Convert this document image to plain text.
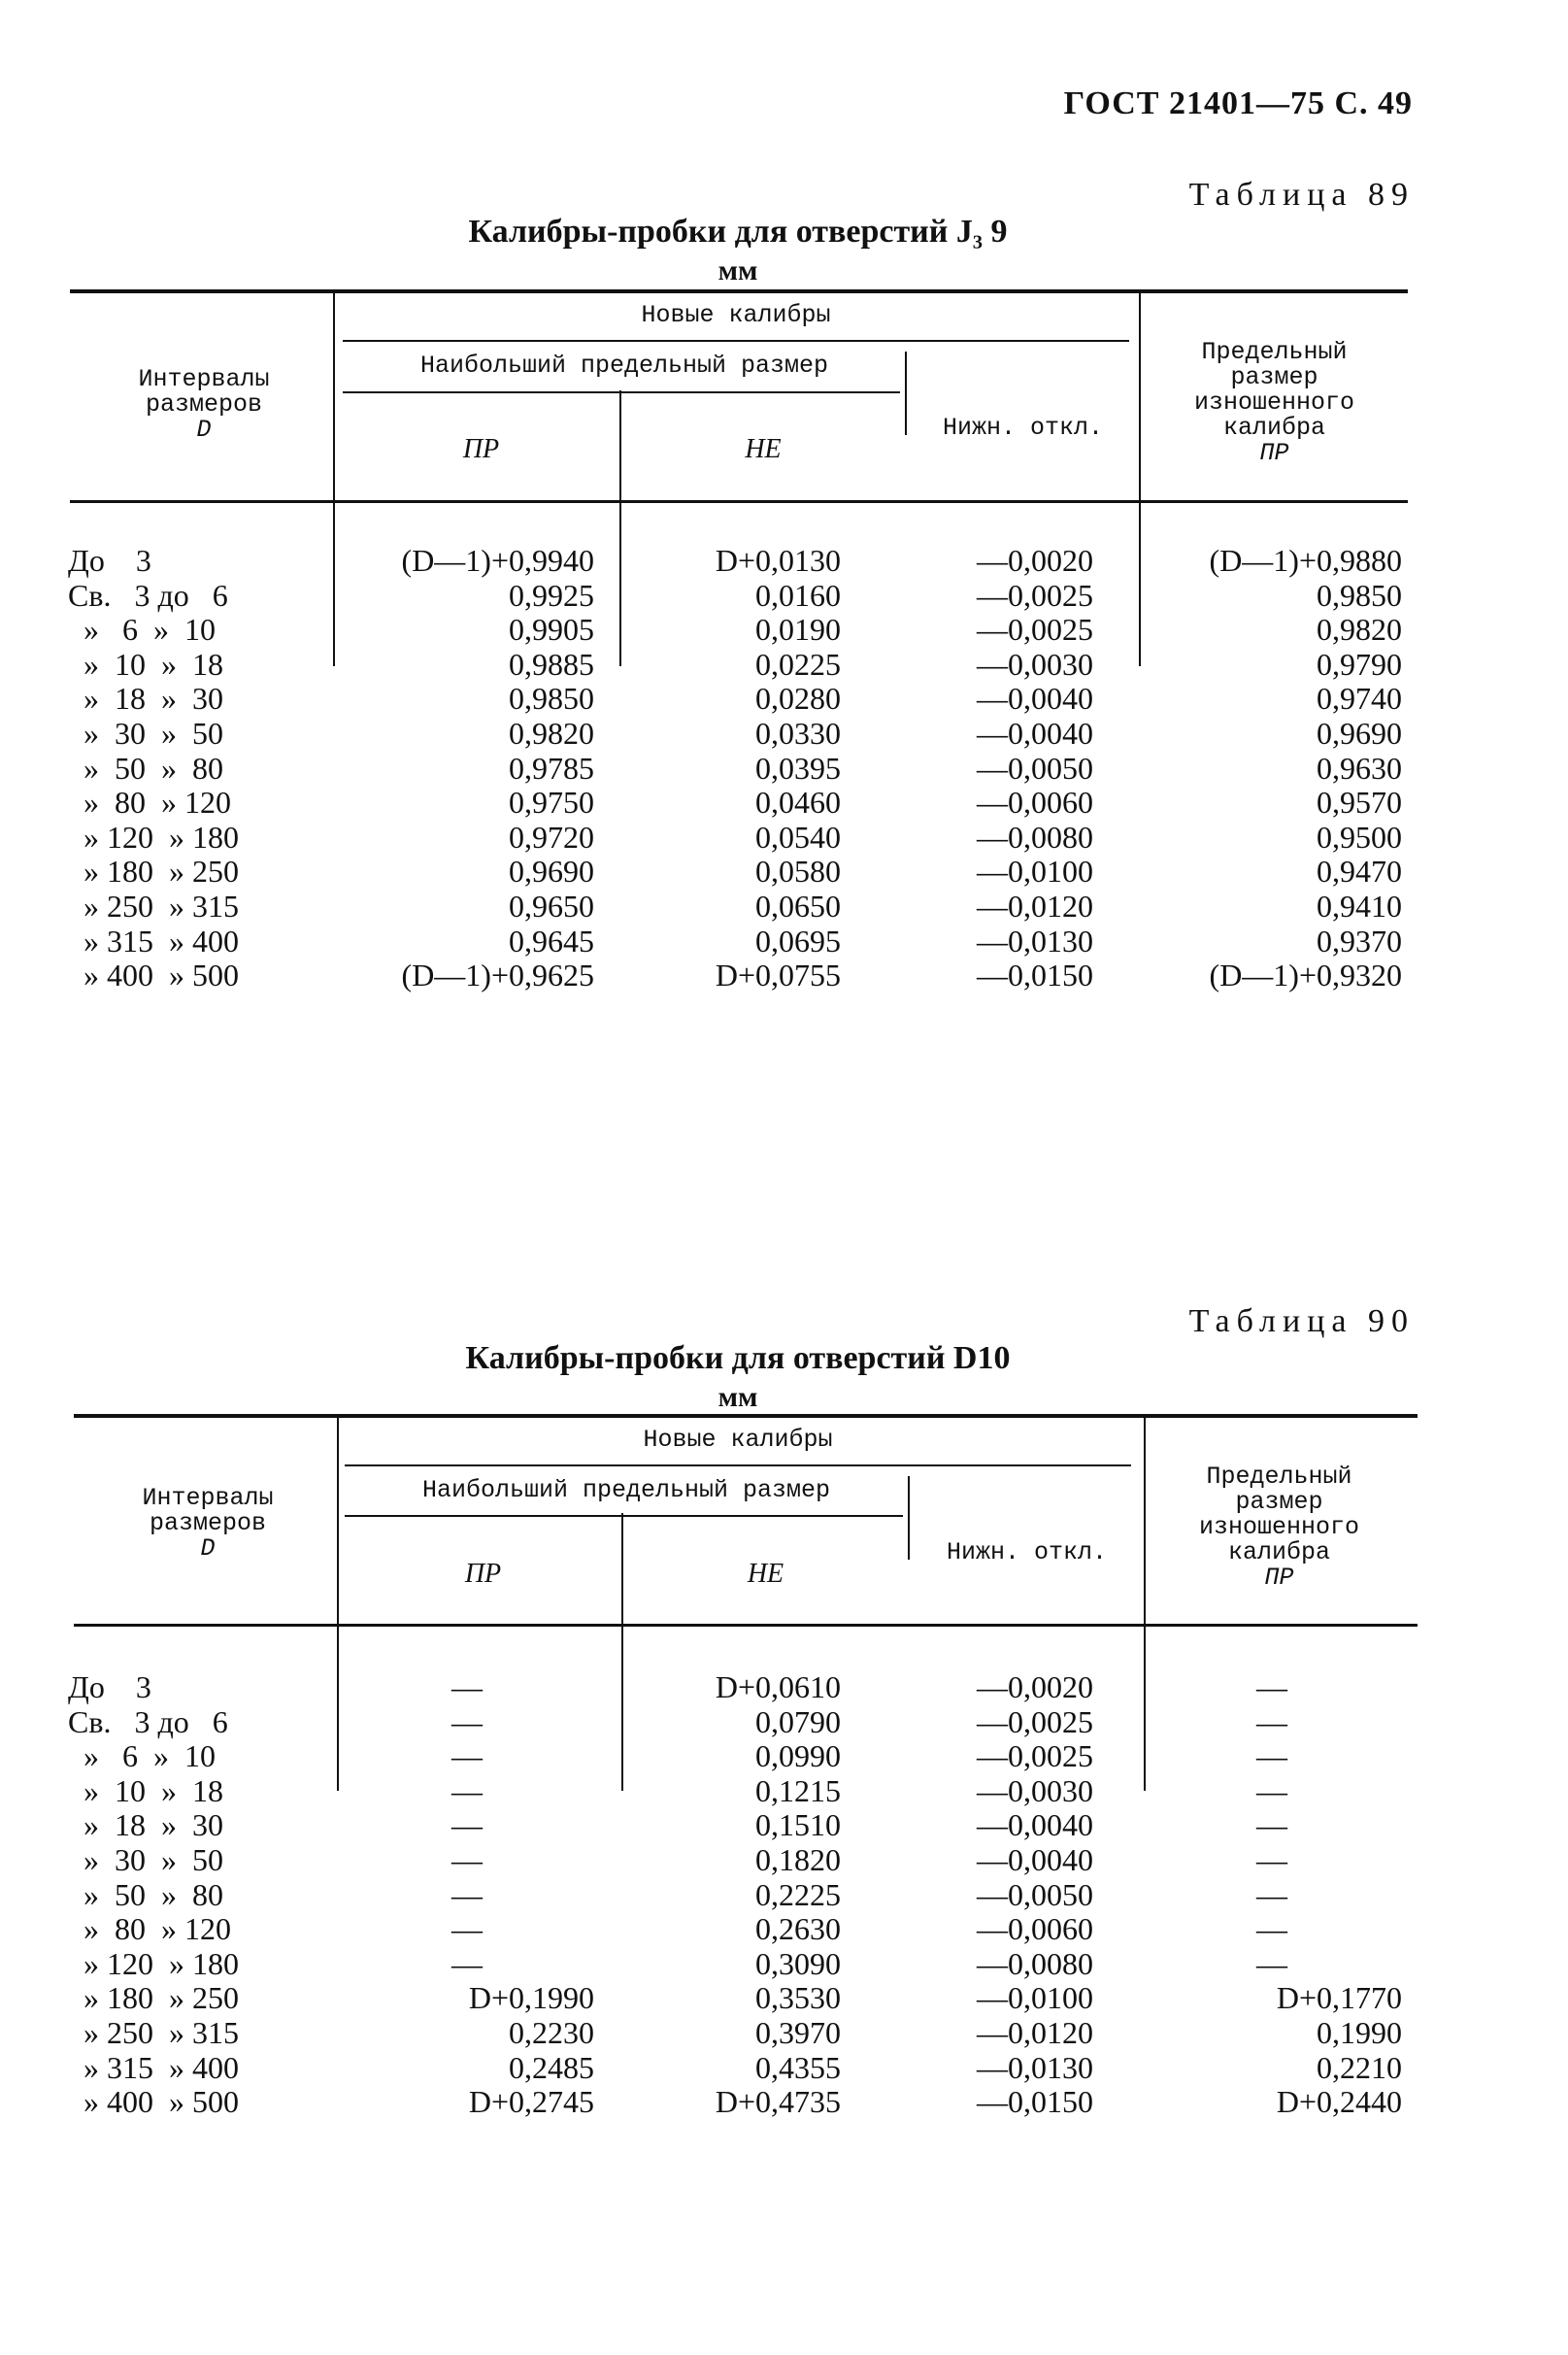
ГОСТ 21401—75 С. 49
Таблица 89
Калибры-пробки для отверстий J₃ 9
мм
Интервалы
размеров
D
Новые калибры
Наибольший предельный размер
ПР	НЕ
Нижн. откл.
Предельный
размер
изношенного
калибра
ПР
До    3	(D—1)+0,9940	D+0,0130	—0,0020	(D—1)+0,9880
Св.   3 до   6	0,9925	0,0160	—0,0025	0,9850
»   6  »  10	0,9905	0,0190	—0,0025	0,9820
»  10  »  18	0,9885	0,0225	—0,0030	0,9790
»  18  »  30	0,9850	0,0280	—0,0040	0,9740
»  30  »  50	0,9820	0,0330	—0,0040	0,9690
»  50  »  80	0,9785	0,0395	—0,0050	0,9630
»  80  » 120	0,9750	0,0460	—0,0060	0,9570
» 120  » 180	0,9720	0,0540	—0,0080	0,9500
» 180  » 250	0,9690	0,0580	—0,0100	0,9470
» 250  » 315	0,9650	0,0650	—0,0120	0,9410
» 315  » 400	0,9645	0,0695	—0,0130	0,9370
» 400  » 500	(D—1)+0,9625	D+0,0755	—0,0150	(D—1)+0,9320
Таблица 90
Калибры-пробки для отверстий D10
мм
Интервалы
размеров
D
Новые калибры
Наибольший предельный размер
ПР	НЕ
Нижн. откл.
Предельный
размер
изношенного
калибра
ПР
До    3	—	D+0,0610	—0,0020	—
Св.   3 до   6	—	0,0790	—0,0025	—
»   6  »  10	—	0,0990	—0,0025	—
»  10  »  18	—	0,1215	—0,0030	—
»  18  »  30	—	0,1510	—0,0040	—
»  30  »  50	—	0,1820	—0,0040	—
»  50  »  80	—	0,2225	—0,0050	—
»  80  » 120	—	0,2630	—0,0060	—
» 120  » 180	—	0,3090	—0,0080	—
» 180  » 250	D+0,1990	0,3530	—0,0100	D+0,1770
» 250  » 315	0,2230	0,3970	—0,0120	0,1990
» 315  » 400	0,2485	0,4355	—0,0130	0,2210
» 400  » 500	D+0,2745	D+0,4735	—0,0150	D+0,2440
